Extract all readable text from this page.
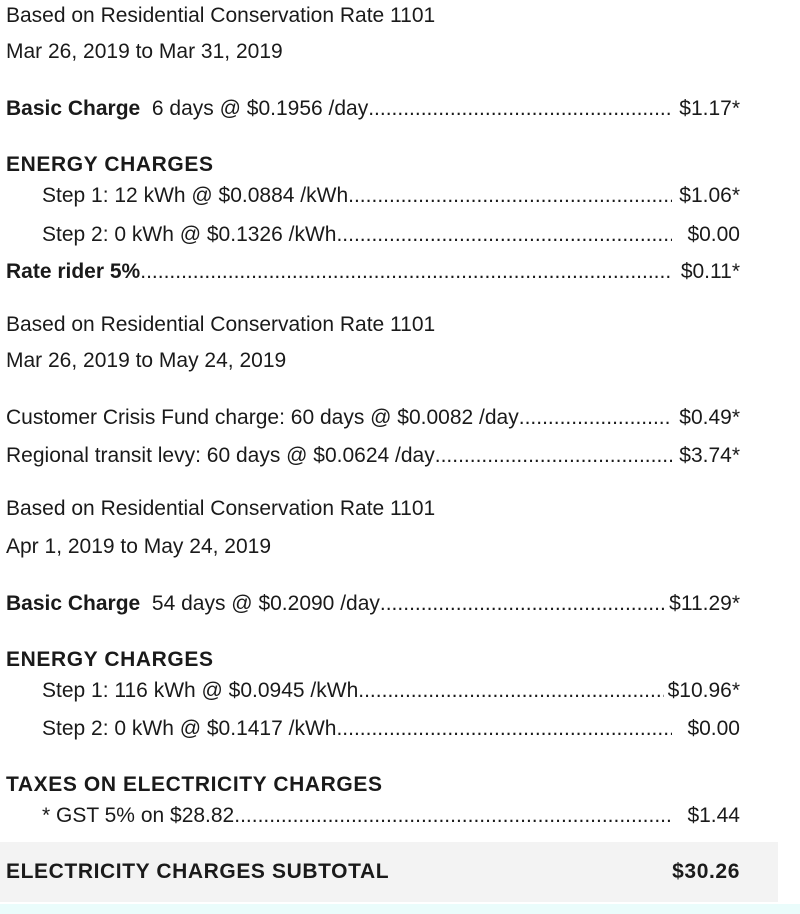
Based on Residential Conservation Rate 1101
Mar 26, 2019 to Mar 31, 2019
Basic Charge 6 days @ $0.1956 /day .....	$1.17*
ENERGY CHARGES
Step 1: 12 kWh @ $0.0884 /kWh .....	$1.06*
Step 2: 0 kWh @ $0.1326 /kWh .....	$0.00
Rate rider 5% .....	$0.11*
Based on Residential Conservation Rate 1101
Mar 26, 2019 to May 24, 2019
Customer Crisis Fund charge: 60 days @ $0.0082 /day .....	$0.49*
Regional transit levy: 60 days @ $0.0624 /day .....	$3.74*
Based on Residential Conservation Rate 1101
Apr 1, 2019 to May 24, 2019
Basic Charge 54 days @ $0.2090 /day .....	$11.29*
ENERGY CHARGES
Step 1: 116 kWh @ $0.0945 /kWh .....	$10.96*
Step 2: 0 kWh @ $0.1417 /kWh .....	$0.00
TAXES ON ELECTRICITY CHARGES
* GST 5% on $28.82 .....	$1.44
ELECTRICITY CHARGES SUBTOTAL	$30.26
